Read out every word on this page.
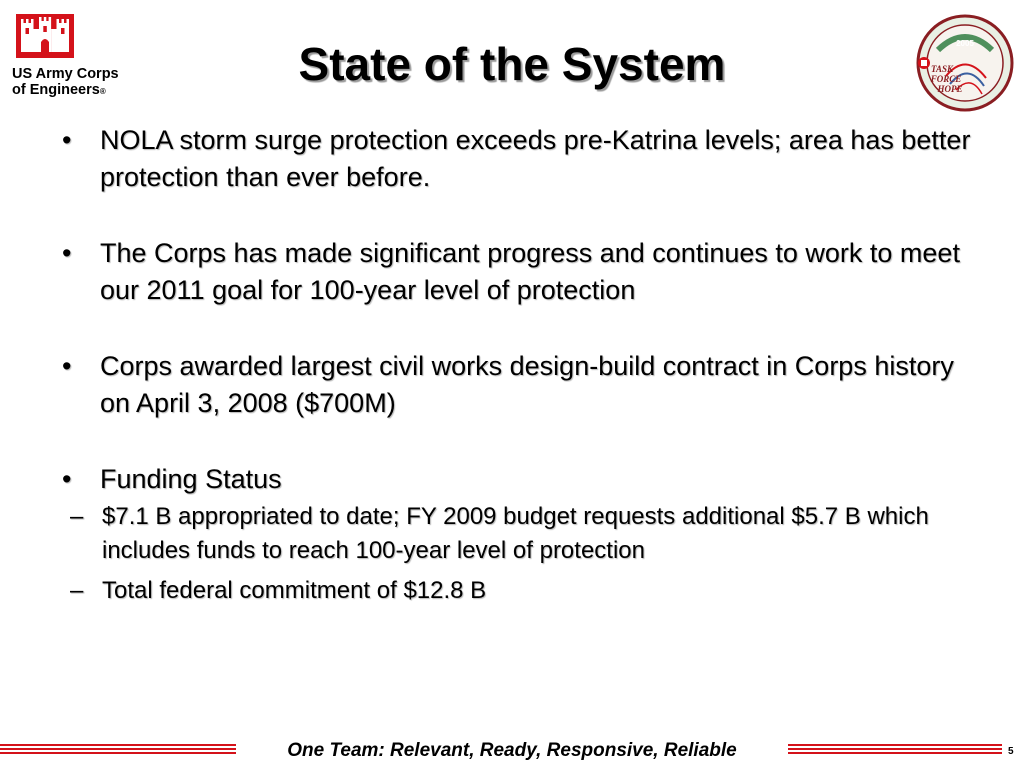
US Army Corps
of Engineers®
State of the System	2005
TASK
FORCE
HOPE
• NOLA storm surge protection exceeds pre-Katrina levels; area has better protection than ever before.
• The Corps has made significant progress and continues to work to meet our 2011 goal for 100-year level of protection
• Corps awarded largest civil works design-build contract in Corps history on April 3, 2008 ($700M)
• Funding Status
– $7.1 B appropriated to date; FY 2009 budget requests additional $5.7 B which includes funds to reach 100-year level of protection
– Total federal commitment of $12.8 B
One Team: Relevant, Ready, Responsive, Reliable	5
